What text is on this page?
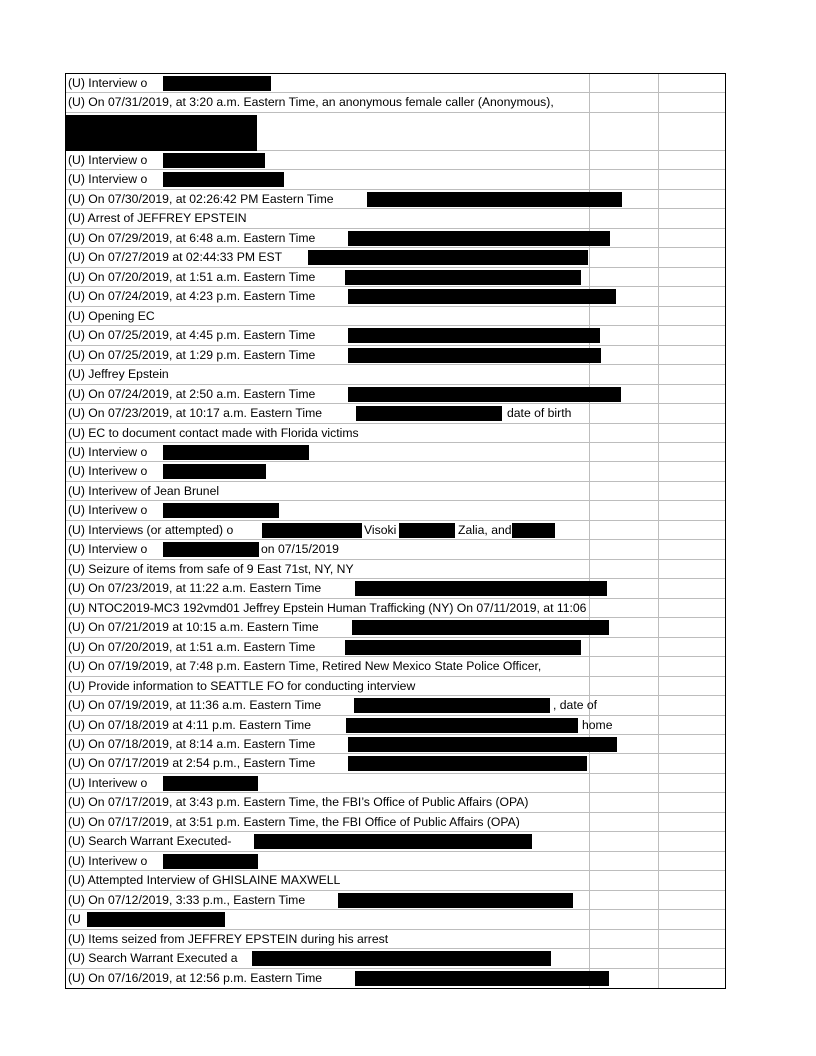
(U) Interview o
(U) On 07/31/2019, at 3:20 a.m. Eastern Time, an anonymous female caller (Anonymous),
(U) Interview o
(U) Interview o
(U) On 07/30/2019, at 02:26:42 PM Eastern Time
(U) Arrest of JEFFREY EPSTEIN
(U) On 07/29/2019, at 6:48 a.m. Eastern Time
(U) On 07/27/2019 at 02:44:33 PM EST
(U) On 07/20/2019, at 1:51 a.m. Eastern Time
(U) On 07/24/2019, at 4:23 p.m. Eastern Time
(U) Opening EC
(U) On 07/25/2019, at 4:45 p.m. Eastern Time
(U) On 07/25/2019, at 1:29 p.m. Eastern Time
(U) Jeffrey Epstein
(U) On 07/24/2019, at 2:50 a.m. Eastern Time
(U) On 07/23/2019, at 10:17 a.m. Eastern Time	date of birth
(U) EC to document contact made with Florida victims
(U) Interview o
(U) Interivew o
(U) Interivew of Jean Brunel
(U) Interivew o
(U) Interviews (or attempted) o	Visoki	Zalia, and
(U) Interview o	on 07/15/2019
(U) Seizure of items from safe of 9 East 71st, NY, NY
(U) On 07/23/2019, at 11:22 a.m. Eastern Time
(U) NTOC2019-MC3 192vmd01 Jeffrey Epstein Human Trafficking (NY) On 07/11/2019, at 11:06
(U) On 07/21/2019 at 10:15 a.m. Eastern Time
(U) On 07/20/2019, at 1:51 a.m. Eastern Time
(U) On 07/19/2019, at 7:48 p.m. Eastern Time, Retired New Mexico State Police Officer,
(U) Provide information to SEATTLE FO for conducting interview
(U) On 07/19/2019, at 11:36 a.m. Eastern Time	, date of
(U) On 07/18/2019 at 4:11 p.m. Eastern Time	home
(U) On 07/18/2019, at 8:14 a.m. Eastern Time
(U) On 07/17/2019 at 2:54 p.m., Eastern Time
(U) Interivew o
(U) On 07/17/2019, at 3:43 p.m. Eastern Time, the FBI’s Office of Public Affairs (OPA)
(U) On 07/17/2019, at 3:51 p.m. Eastern Time, the FBI Office of Public Affairs (OPA)
(U) Search Warrant Executed-
(U) Interivew o
(U) Attempted Interview of GHISLAINE MAXWELL
(U) On 07/12/2019, 3:33 p.m., Eastern Time
(U
(U) Items seized from JEFFREY EPSTEIN during his arrest
(U) Search Warrant Executed a
(U) On 07/16/2019, at 12:56 p.m. Eastern Time
